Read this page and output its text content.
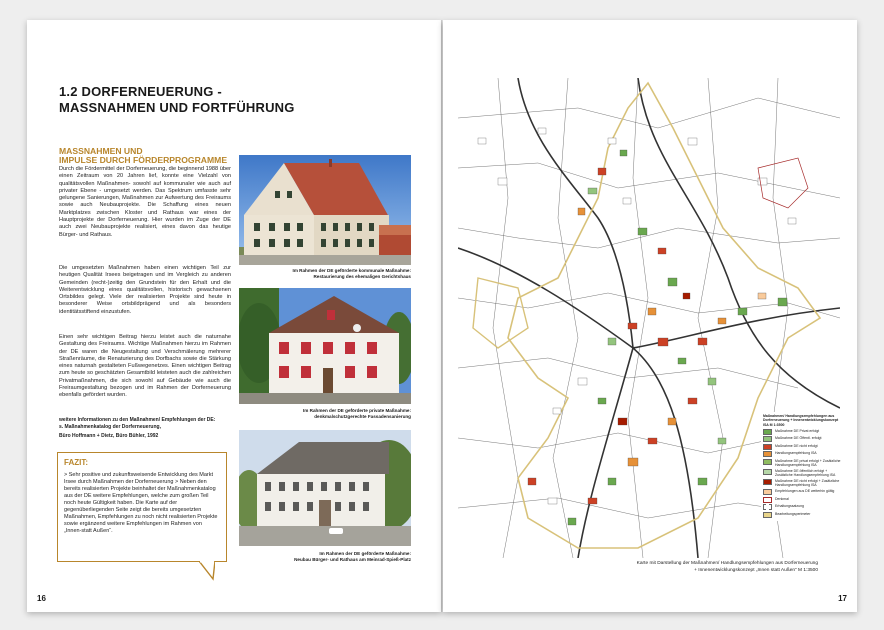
1.2 DORFERNEUERUNG -
MASSNAHMEN UND FORTFÜHRUNG
MASSNAHMEN UND
IMPULSE DURCH FÖRDERPROGRAMME

Durch die Fördermittel der Dorferneuerung, die beginnend 1988 über einen Zeitraum von 20 Jahren lief, konnte eine Vielzahl von qualitätsvollen Maßnahmen- sowohl auf kommunaler wie auch auf privater Ebene - umgesetzt werden. Das Spektrum umfasste sehr gelungene Sanierungen, Maßnahmen zur Aufwertung des Freiraums sowie auch Neubauprojekte. Die Schaffung eines neuen Marktplatzes zwischen Kloster und Rathaus war eines der Hauptprojekte der Dorferneuerung. Hier wurden im Zuge der DE auch zwei Neubauprojekte realisiert, eines davon das heutige Bürger- und Rathaus.

Die umgesetzten Maßnahmen haben einen wichtigen Teil zur heutigen Qualität Irsees beigetragen und im Vergleich zu anderen Gemeinden (recht-)zeitig den Grundstein für den Erhalt und die Weiterentwicklung eines qualitätsvollen, historisch gewachsenen Ortsbildes gelegt. Viele der realisierten Projekte sind heute in besonderer Weise ortsbildprägend und als besonders identitätsstiftend einzustufen.

Einen sehr wichtigen Beitrag hierzu leistet auch die naturnahe Gestaltung des Freiraums. Wichtige Maßnahmen hierzu im Rahmen der DE waren die Neugestaltung und Verschmälerung mehrerer Straßenräume, die Renaturierung des Dorfbachs sowie die Stärkung eines naturnah gestalteten Fußwegenetzes. Einen wichtigen Beitrag zum heute so geschätzten Gesamtbild leisteten auch die zahlreichen Privatmaßnahmen, die sich sowohl auf Gebäude wie auch die Freiraumgestaltung bezogen und im Rahmen der Dorferneuerung ebenfalls gefördert wurden.

weitere Informationen zu den Maßnahmen/ Empfehlungen der DE:
s. Maßnahmenkatalog der Dorferneuerung,
Büro Hoffmann + Dietz, Büro Bühler, 1992
Im Rahmen der DE geförderte kommunale Maßnahme:
Restaurierung des ehemaligen Gerichtshaus
Im Rahmen der DE geförderte private Maßnahme:
denkmalschutzgerechte Fassadensanierung
Im Rahmen der DE geförderte Maßnahme:
Neubau Bürger- und Rathaus am Meinrad-Spieß-Platz
FAZIT:

> Sehr positive und zukunftsweisende Entwicklung des Markt Irsee durch Maßnahmen der Dorferneuerung > Neben den bereits realisierten Projekte beinhaltet der Maßnahmenkatalog aus der DE weitere Empfehlungen, welche zum großen Teil noch heute Gültigkeit haben. Die Karte auf der gegenüberliegenden Seite zeigt die bereits umgesetzten Maßnahmen, Empfehlungen zu noch nicht realisierten Projekte sowie ergänzend weitere Empfehlungen im Rahmen von „Innen-statt Außen“.

16
Maßnahmen/ Handlungsempfehlungen aus Dorferneuerung + Innenentwicklungskonzept ISA M 1:3500
Maßnahme DE Privat erfolgt
Maßnahme DE Öffentl. erfolgt
Maßnahme DE nicht erfolgt
Handlungsempfehlung ISA
Maßnahme DE privat erfolgt + Zusätzliche Handlungsempfehlung ISA
Maßnahme DE öffentlich erfolgt + Zusätzliche Handlungsempfehlung ISA
Maßnahme DE nicht erfolgt + Zusätzliche Handlungsempfehlung ISA
Empfehlungen aus DE weiterhin gültig
Denkmal
Erhaltungssatzung
Bearbeitungsperimeter
Karte mit Darstellung der Maßnahmen/ Handlungsempfehlungen aus Dorferneuerung
+ Innenentwicklungskonzept „Innen statt Außen“ M 1:3500
17
